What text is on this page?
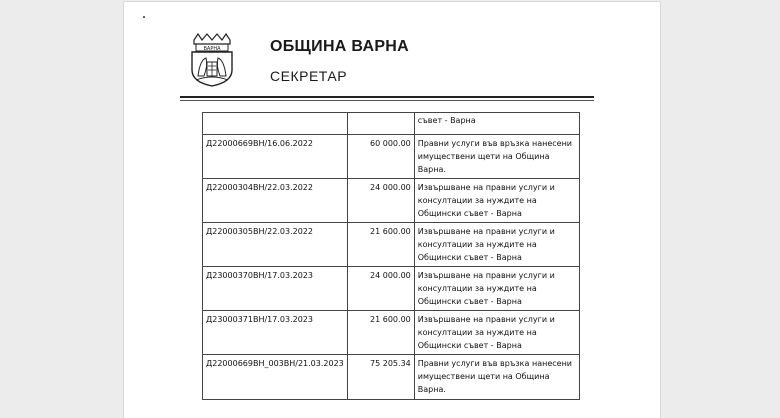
ВАРНА	ОБЩИНА ВАРНА
СЕКРЕТАР
		съвет - Варна
Д22000669ВН/16.06.2022	60 000.00	Правни услуги във връзка нанесени имуществени щети на Община Варна.
Д22000304ВН/22.03.2022	24 000.00	Извършване на правни услуги и консултации за нуждите на Общински съвет - Варна
Д22000305ВН/22.03.2022	21 600.00	Извършване на правни услуги и консултации за нуждите на Общински съвет - Варна
Д23000370ВН/17.03.2023	24 000.00	Извършване на правни услуги и консултации за нуждите на Общински съвет - Варна
Д23000371ВН/17.03.2023	21 600.00	Извършване на правни услуги и консултации за нуждите на Общински съвет - Варна
Д22000669ВН_003ВН/21.03.2023	75 205.34	Правни услуги във връзка нанесени имуществени щети на Община Варна.
